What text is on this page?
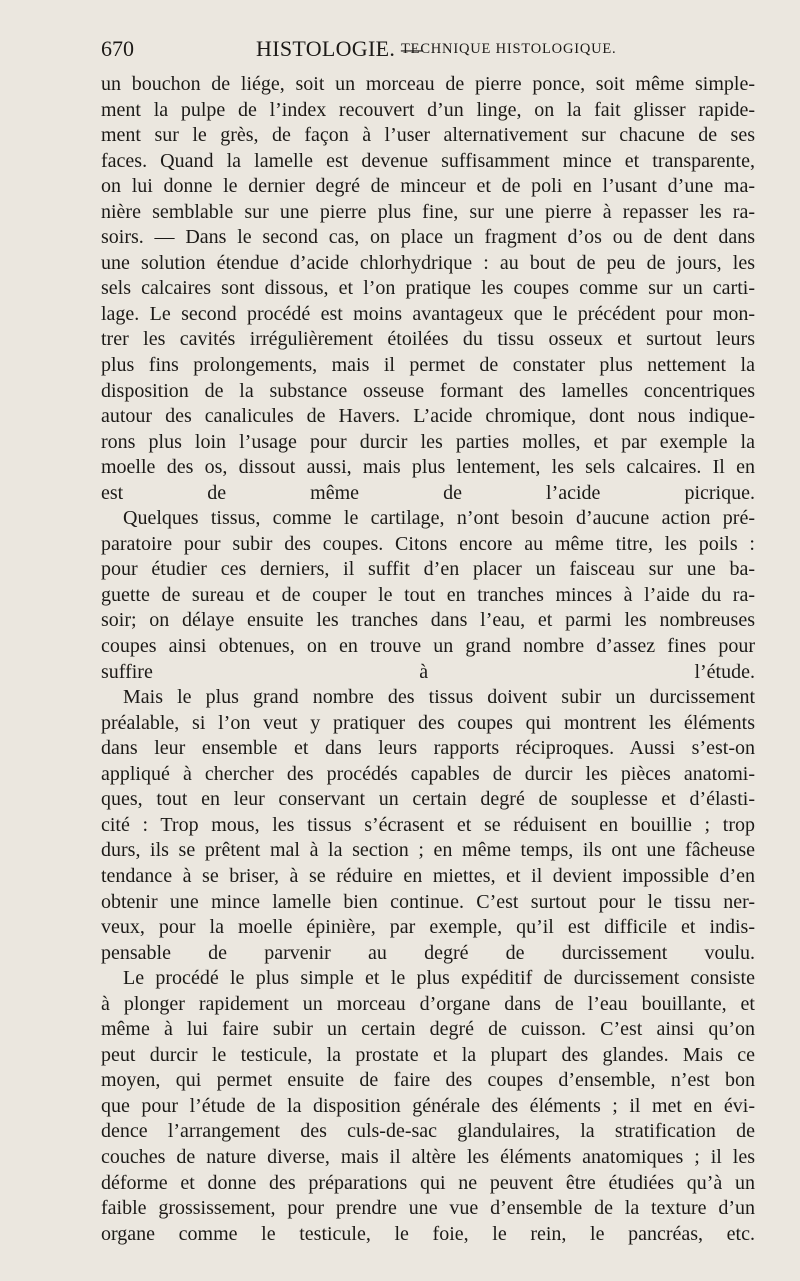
670	HISTOLOGIE. —
TECHNIQUE HISTOLOGIQUE.

un bouchon de liége, soit un morceau de pierre ponce, soit même simple-
ment la pulpe de l’index recouvert d’un linge, on la fait glisser rapide-
ment sur le grès, de façon à l’user alternativement sur chacune de ses
faces. Quand la lamelle est devenue suffisamment mince et transparente,
on lui donne le dernier degré de minceur et de poli en l’usant d’une ma-
nière semblable sur une pierre plus fine, sur une pierre à repasser les ra-
soirs. — Dans le second cas, on place un fragment d’os ou de dent dans
une solution étendue d’acide chlorhydrique : au bout de peu de jours, les
sels calcaires sont dissous, et l’on pratique les coupes comme sur un carti-
lage. Le second procédé est moins avantageux que le précédent pour mon-
trer les cavités irrégulièrement étoilées du tissu osseux et surtout leurs
plus fins prolongements, mais il permet de constater plus nettement la
disposition de la substance osseuse formant des lamelles concentriques
autour des canalicules de Havers. L’acide chromique, dont nous indique-
rons plus loin l’usage pour durcir les parties molles, et par exemple la
moelle des os, dissout aussi, mais plus lentement, les sels calcaires. Il en
est de même de l’acide picrique.

Quelques tissus, comme le cartilage, n’ont besoin d’aucune action pré-
paratoire pour subir des coupes. Citons encore au même titre, les poils :
pour étudier ces derniers, il suffit d’en placer un faisceau sur une ba-
guette de sureau et de couper le tout en tranches minces à l’aide du ra-
soir; on délaye ensuite les tranches dans l’eau, et parmi les nombreuses
coupes ainsi obtenues, on en trouve un grand nombre d’assez fines pour
suffire à l’étude.

Mais le plus grand nombre des tissus doivent subir un durcissement
préalable, si l’on veut y pratiquer des coupes qui montrent les éléments
dans leur ensemble et dans leurs rapports réciproques. Aussi s’est-on
appliqué à chercher des procédés capables de durcir les pièces anatomi-
ques, tout en leur conservant un certain degré de souplesse et d’élasti-
cité : Trop mous, les tissus s’écrasent et se réduisent en bouillie ; trop
durs, ils se prêtent mal à la section ; en même temps, ils ont une fâcheuse
tendance à se briser, à se réduire en miettes, et il devient impossible d’en
obtenir une mince lamelle bien continue. C’est surtout pour le tissu ner-
veux, pour la moelle épinière, par exemple, qu’il est difficile et indis-
pensable de parvenir au degré de durcissement voulu.

Le procédé le plus simple et le plus expéditif de durcissement consiste
à plonger rapidement un morceau d’organe dans de l’eau bouillante, et
même à lui faire subir un certain degré de cuisson. C’est ainsi qu’on
peut durcir le testicule, la prostate et la plupart des glandes. Mais ce
moyen, qui permet ensuite de faire des coupes d’ensemble, n’est bon
que pour l’étude de la disposition générale des éléments ; il met en évi-
dence l’arrangement des culs-de-sac glandulaires, la stratification de
couches de nature diverse, mais il altère les éléments anatomiques ; il les
déforme et donne des préparations qui ne peuvent être étudiées qu’à un
faible grossissement, pour prendre une vue d’ensemble de la texture d’un
organe comme le testicule, le foie, le rein, le pancréas, etc.
